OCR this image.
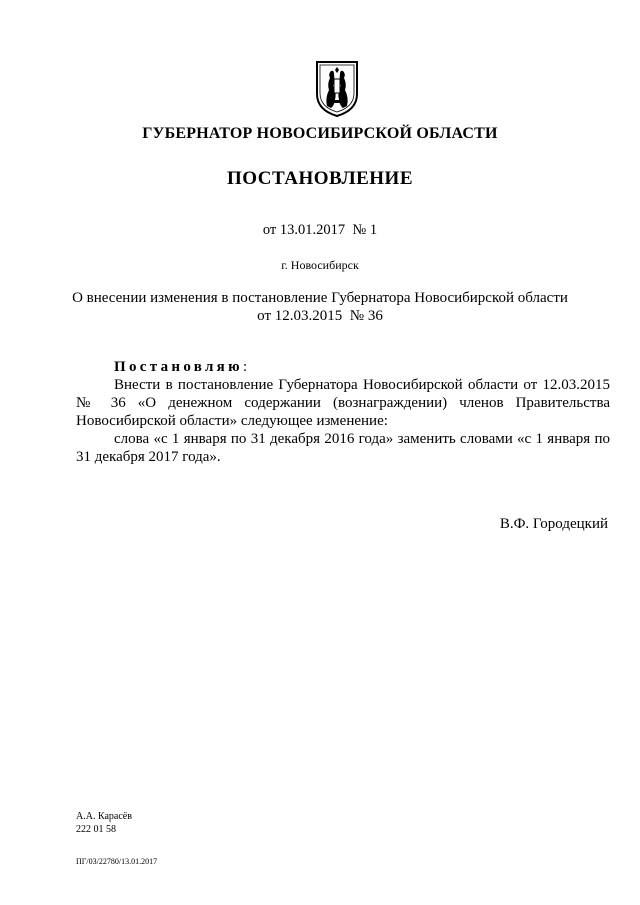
ГУБЕРНАТОР НОВОСИБИРСКОЙ ОБЛАСТИ
ПОСТАНОВЛЕНИЕ
от 13.01.2017  № 1
г. Новосибирск
О внесении изменения в постановление Губернатора Новосибирской области
от 12.03.2015  № 36
Постановляю:
Внести в постановление Губернатора Новосибирской области от 12.03.2015 № 36 «О денежном содержании (вознаграждении) членов Правительства Новосибирской области» следующее изменение:
слова «с 1 января по 31 декабря 2016 года» заменить словами «с 1 января по 31 декабря 2017 года».
В.Ф. Городецкий
А.А. Карасёв
222 01 58
ПГ/03/22780/13.01.2017
